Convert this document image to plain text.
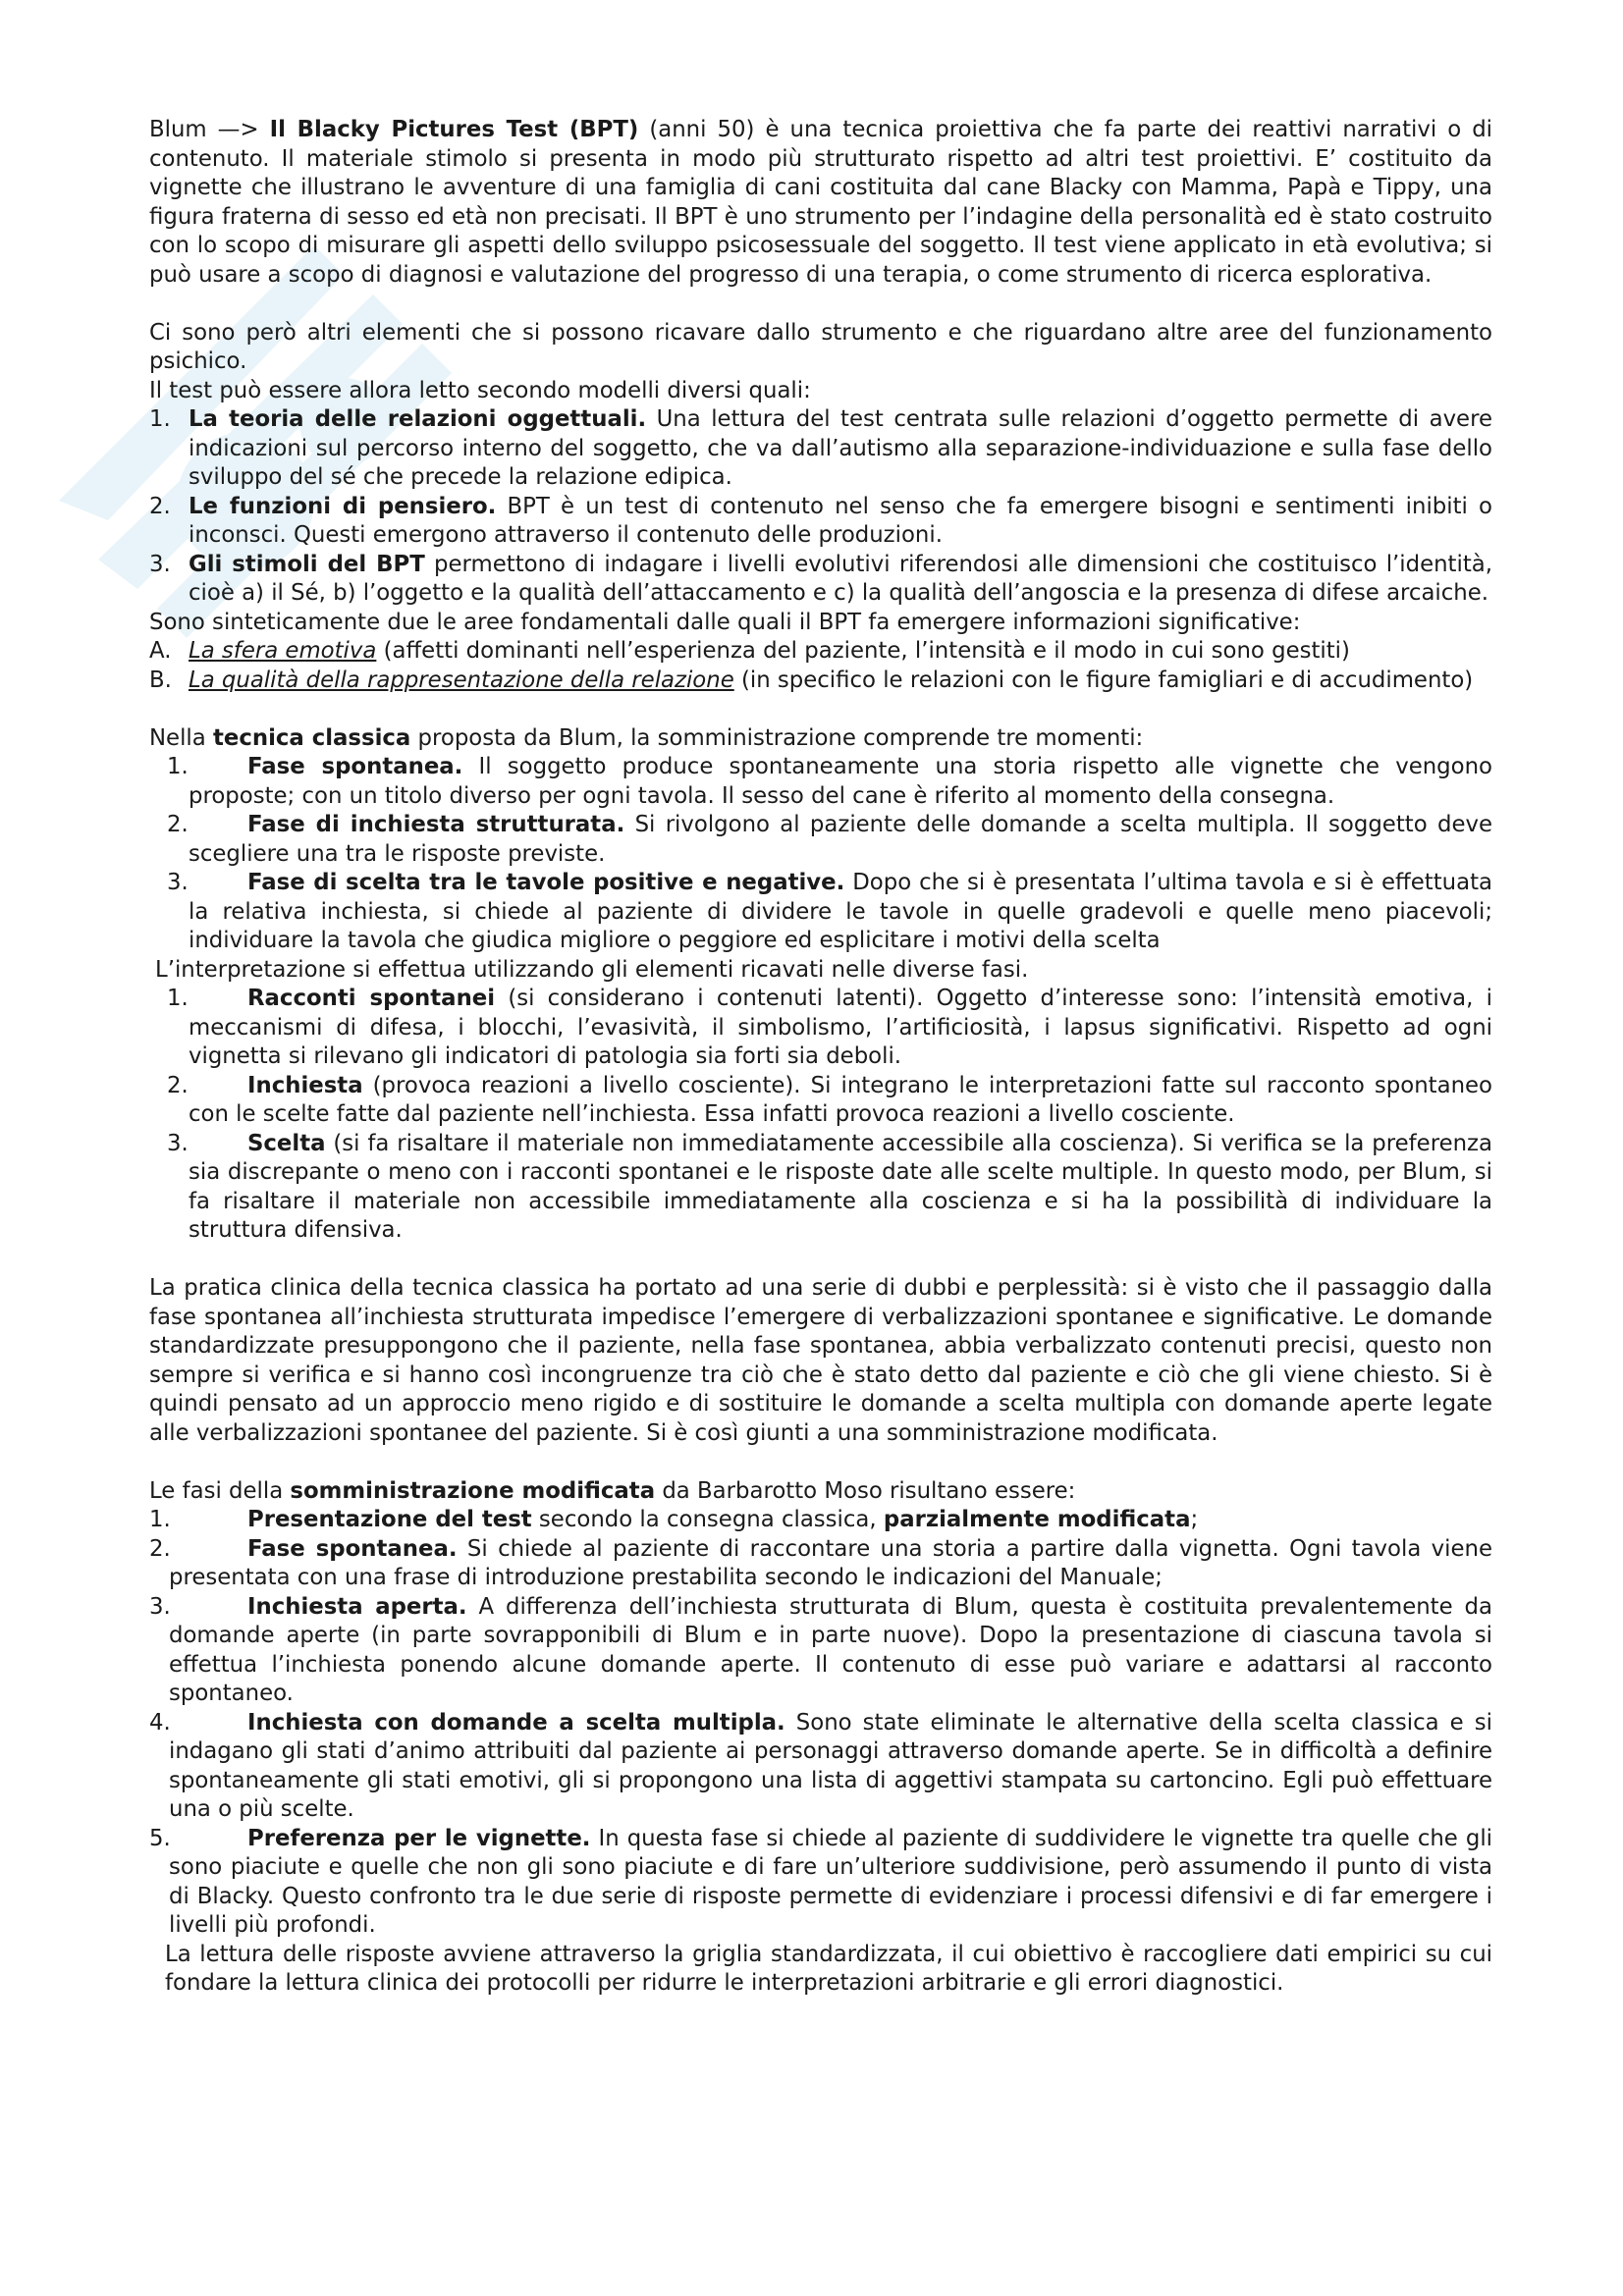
Blum —> Il Blacky Pictures Test (BPT) (anni 50) è una tecnica proiettiva che fa parte dei reattivi narrativi o di contenuto. Il materiale stimolo si presenta in modo più strutturato rispetto ad altri test proiettivi. E’ costituito da vignette che illustrano le avventure di una famiglia di cani costituita dal cane Blacky con Mamma, Papà e Tippy, una figura fraterna di sesso ed età non precisati. Il BPT è uno strumento per l’indagine della personalità ed è stato costruito con lo scopo di misurare gli aspetti dello sviluppo psicosessuale del soggetto. Il test viene applicato in età evolutiva; si può usare a scopo di diagnosi e valutazione del progresso di una terapia, o come strumento di ricerca esplorativa.

Ci sono però altri elementi che si possono ricavare dallo strumento e che riguardano altre aree del funzionamento psichico.

Il test può essere allora letto secondo modelli diversi quali:

1. La teoria delle relazioni oggettuali. Una lettura del test centrata sulle relazioni d’oggetto permette di avere indicazioni sul percorso interno del soggetto, che va dall’autismo alla separazione-individuazione e sulla fase dello sviluppo del sé che precede la relazione edipica.
2. Le funzioni di pensiero. BPT è un test di contenuto nel senso che fa emergere bisogni e sentimenti inibiti o inconsci. Questi emergono attraverso il contenuto delle produzioni.
3. Gli stimoli del BPT permettono di indagare i livelli evolutivi riferendosi alle dimensioni che costituisco l’identità, cioè a) il Sé, b) l’oggetto e la qualità dell’attaccamento e c) la qualità dell’angoscia e la presenza di difese arcaiche.

Sono sinteticamente due le aree fondamentali dalle quali il BPT fa emergere informazioni significative:

A. La sfera emotiva (affetti dominanti nell’esperienza del paziente, l’intensità e il modo in cui sono gestiti)
B. La qualità della rappresentazione della relazione (in specifico le relazioni con le figure famigliari e di accudimento)

Nella tecnica classica proposta da Blum, la somministrazione comprende tre momenti:

1.	Fase spontanea. Il soggetto produce spontaneamente una storia rispetto alle vignette che vengono proposte; con un titolo diverso per ogni tavola. Il sesso del cane è riferito al momento della consegna.
2.	Fase di inchiesta strutturata. Si rivolgono al paziente delle domande a scelta multipla. Il soggetto deve scegliere una tra le risposte previste.
3.	Fase di scelta tra le tavole positive e negative. Dopo che si è presentata l’ultima tavola e si è effettuata la relativa inchiesta, si chiede al paziente di dividere le tavole in quelle gradevoli e quelle meno piacevoli; individuare la tavola che giudica migliore o peggiore ed esplicitare i motivi della scelta

L’interpretazione si effettua utilizzando gli elementi ricavati nelle diverse fasi.

1.	Racconti spontanei (si considerano i contenuti latenti). Oggetto d’interesse sono: l’intensità emotiva, i meccanismi di difesa, i blocchi, l’evasività, il simbolismo, l’artificiosità, i lapsus significativi. Rispetto ad ogni vignetta si rilevano gli indicatori di patologia sia forti sia deboli.
2.	Inchiesta (provoca reazioni a livello cosciente). Si integrano le interpretazioni fatte sul racconto spontaneo con le scelte fatte dal paziente nell’inchiesta. Essa infatti provoca reazioni a livello cosciente.
3.	Scelta (si fa risaltare il materiale non immediatamente accessibile alla coscienza). Si verifica se la preferenza sia discrepante o meno con i racconti spontanei e le risposte date alle scelte multiple. In questo modo, per Blum, si fa risaltare il materiale non accessibile immediatamente alla coscienza e si ha la possibilità di individuare la struttura difensiva.

La pratica clinica della tecnica classica ha portato ad una serie di dubbi e perplessità: si è visto che il passaggio dalla fase spontanea all’inchiesta strutturata impedisce l’emergere di verbalizzazioni spontanee e significative. Le domande standardizzate presuppongono che il paziente, nella fase spontanea, abbia verbalizzato contenuti precisi, questo non sempre si verifica e si hanno così incongruenze tra ciò che è stato detto dal paziente e ciò che gli viene chiesto. Si è quindi pensato ad un approccio meno rigido e di sostituire le domande a scelta multipla con domande aperte legate alle verbalizzazioni spontanee del paziente. Si è così giunti a una somministrazione modificata.

Le fasi della somministrazione modificata da Barbarotto Moso risultano essere:

1.	Presentazione del test secondo la consegna classica, parzialmente modificata;
2.	Fase spontanea. Si chiede al paziente di raccontare una storia a partire dalla vignetta. Ogni tavola viene presentata con una frase di introduzione prestabilita secondo le indicazioni del Manuale;
3.	Inchiesta aperta. A differenza dell’inchiesta strutturata di Blum, questa è costituita prevalentemente da domande aperte (in parte sovrapponibili di Blum e in parte nuove). Dopo la presentazione di ciascuna tavola si effettua l’inchiesta ponendo alcune domande aperte. Il contenuto di esse può variare e adattarsi al racconto spontaneo.
4.	Inchiesta con domande a scelta multipla. Sono state eliminate le alternative della scelta classica e si indagano gli stati d’animo attribuiti dal paziente ai personaggi attraverso domande aperte. Se in difficoltà a definire spontaneamente gli stati emotivi, gli si propongono una lista di aggettivi stampata su cartoncino. Egli può effettuare una o più scelte.
5.	Preferenza per le vignette. In questa fase si chiede al paziente di suddividere le vignette tra quelle che gli sono piaciute e quelle che non gli sono piaciute e di fare un’ulteriore suddivisione, però assumendo il punto di vista di Blacky. Questo confronto tra le due serie di risposte permette di evidenziare i processi difensivi e di far emergere i livelli più profondi.

La lettura delle risposte avviene attraverso la griglia standardizzata, il cui obiettivo è raccogliere dati empirici su cui fondare la lettura clinica dei protocolli per ridurre le interpretazioni arbitrarie e gli errori diagnostici.
